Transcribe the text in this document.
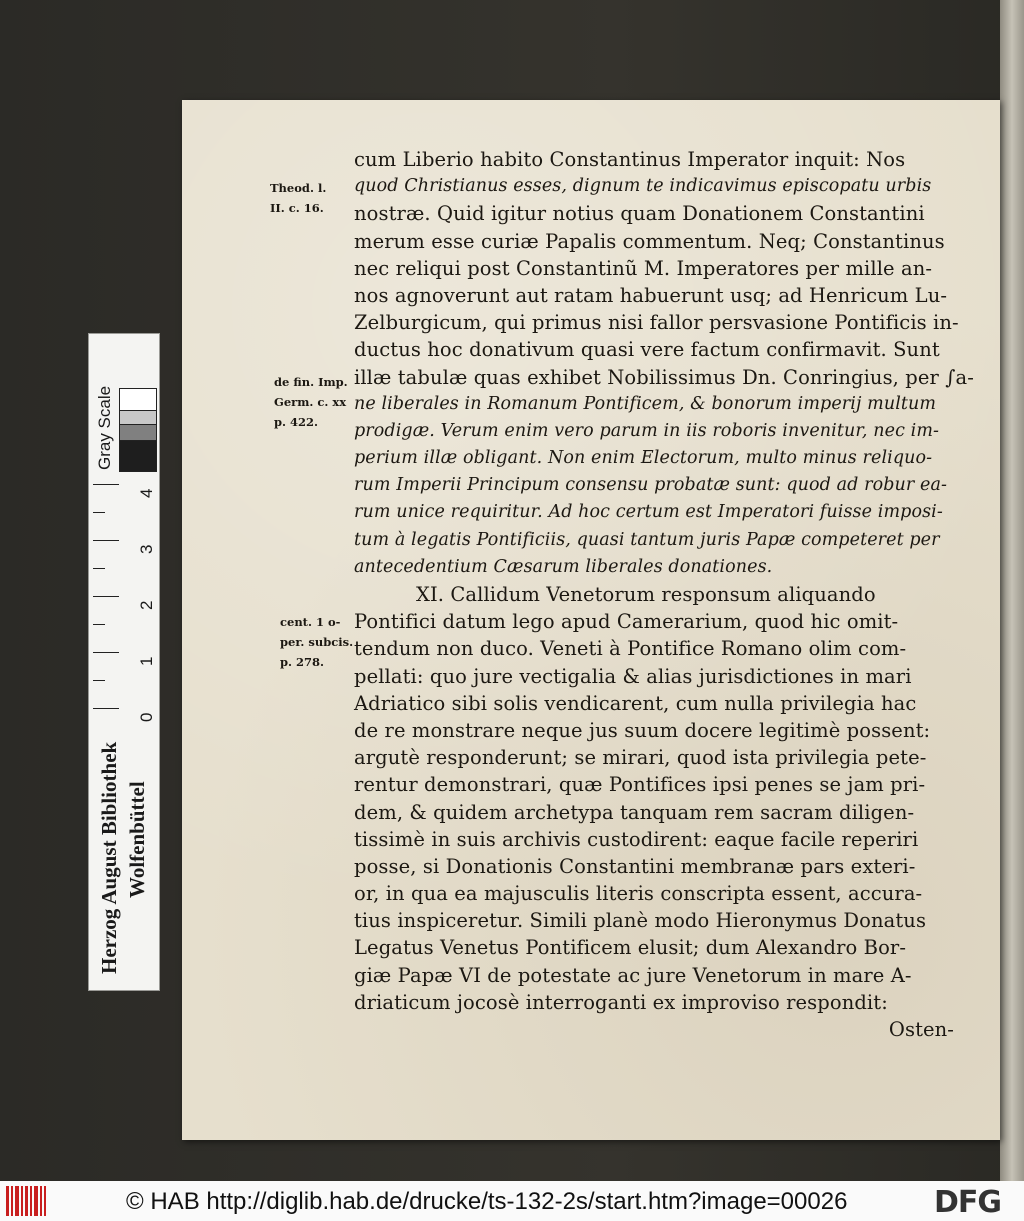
cum Liberio habito Constantinus Imperator inquit: Nos
quod Christianus esses, dignum te indicavimus episcopatu urbis
nostræ. Quid igitur notius quam Donationem Constantini
merum esse curiæ Papalis commentum. Neq; Constantinus
nec reliqui post Constantinũ M. Imperatores per mille an-
nos agnoverunt aut ratam habuerunt usq; ad Henricum Lu-
Zelburgicum, qui primus nisi fallor persvasione Pontificis in-
ductus hoc donativum quasi vere factum confirmavit. Sunt
illæ tabulæ quas exhibet Nobilissimus Dn. Conringius, per ∫a-
ne liberales in Romanum Pontificem, & bonorum imperij multum
prodigæ. Verum enim vero parum in iis roboris invenitur, nec im-
perium illæ obligant. Non enim Electorum, multo minus reliquo-
rum Imperii Principum consensu probatæ sunt: quod ad robur ea-
rum unice requiritur. Ad hoc certum est Imperatori fuisse imposi-
tum à legatis Pontificiis, quasi tantum juris Papæ competeret per
antecedentium Cæsarum liberales donationes.
XI. Callidum Venetorum responsum aliquando
Pontifici datum lego apud Camerarium, quod hic omit-
tendum non duco. Veneti à Pontifice Romano olim com-
pellati: quo jure vectigalia & alias jurisdictiones in mari
Adriatico sibi solis vendicarent, cum nulla privilegia hac
de re monstrare neque jus suum docere legitimè possent:
argutè responderunt; se mirari, quod ista privilegia pete-
rentur demonstrari, quæ Pontifices ipsi penes se jam pri-
dem, & quidem archetypa tanquam rem sacram diligen-
tissimè in suis archivis custodirent: eaque facile reperiri
posse, si Donationis Constantini membranæ pars exteri-
or, in qua ea majusculis literis conscripta essent, accura-
tius inspiceretur. Simili planè modo Hieronymus Donatus
Legatus Venetus Pontificem elusit; dum Alexandro Bor-
giæ Papæ VI de potestate ac jure Venetorum in mare A-
driaticum jocosè interroganti ex improviso respondit:
Osten-
Theod. l.
II. c. 16.
de fin. Imp.
Germ. c. xx
p. 422.
cent. 1 o-
per. subcis.
p. 278.
Gray Scale
4
3
2
1
0
Herzog August Bibliothek Wolfenbüttel
© HAB http://diglib.hab.de/drucke/ts-132-2s/start.htm?image=00026	DFG
